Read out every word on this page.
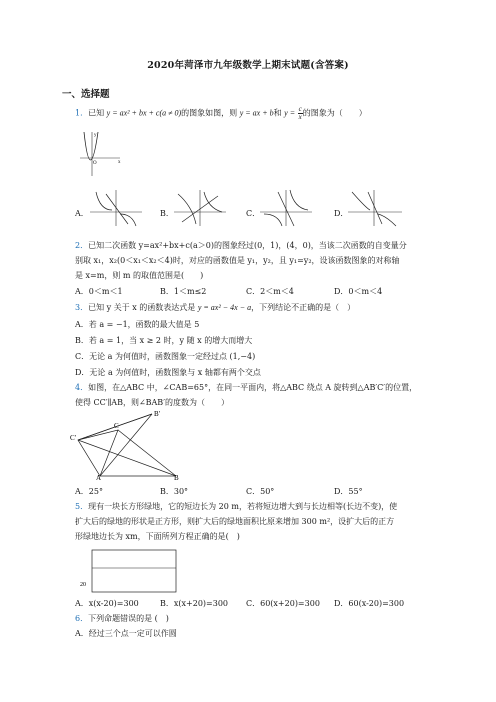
2020年菏泽市九年级数学上期末试题(含答案)
一、选择题
1．已知 y = ax² + bx + c(a ≠ 0)的图象如图，则 y = ax + b和 $y = \frac{c}{x}$的图象为（　　）
O	x
y
A．	B．	C．	D．
2．已知二次函数 y=ax²+bx+c(a＞0)的图象经过(0，1)，(4，0)，当该二次函数的自变量分
别取 x₁，x₂(0＜x₁＜x₂＜4)时，对应的函数值是 y₁，y₂，且 y₁=y₂，设该函数图象的对称轴
是 x=m，则 m 的取值范围是(　　)
A．0＜m＜1	B．1＜m≤2	C．2＜m＜4	D．0＜m＜4
3．已知 y 关于 x 的函数表达式是 y = ax² − 4x − a，下列结论不正确的是（　）
A．若 a = −1，函数的最大值是 5
B．若 a = 1，当 x ≥ 2 时，y 随 x 的增大而增大
C．无论 a 为何值时，函数图象一定经过点 (1,−4)
D．无论 a 为何值时，函数图象与 x 轴都有两个交点
4．如图，在△ABC 中，∠CAB=65°，在同一平面内，将△ABC 绕点 A 旋转到△AB′C′的位置，
使得 CC′∥AB，则∠BAB′的度数为（　　）
B′
C
C′
A	B
A．25°	B．30°	C．50°	D．55°
5．现有一块长方形绿地，它的短边长为 20 m，若将短边增大到与长边相等(长边不变)，使
扩大后的绿地的形状是正方形，则扩大后的绿地面积比原来增加 300 m²，设扩大后的正方
形绿地边长为 xm，下面所列方程正确的是(　)
20
A．x(x-20)=300	B．x(x+20)=300 C．60(x+20)=300 D．60(x-20)=300
6．下列命题错误的是 (　)
A．经过三个点一定可以作圆
